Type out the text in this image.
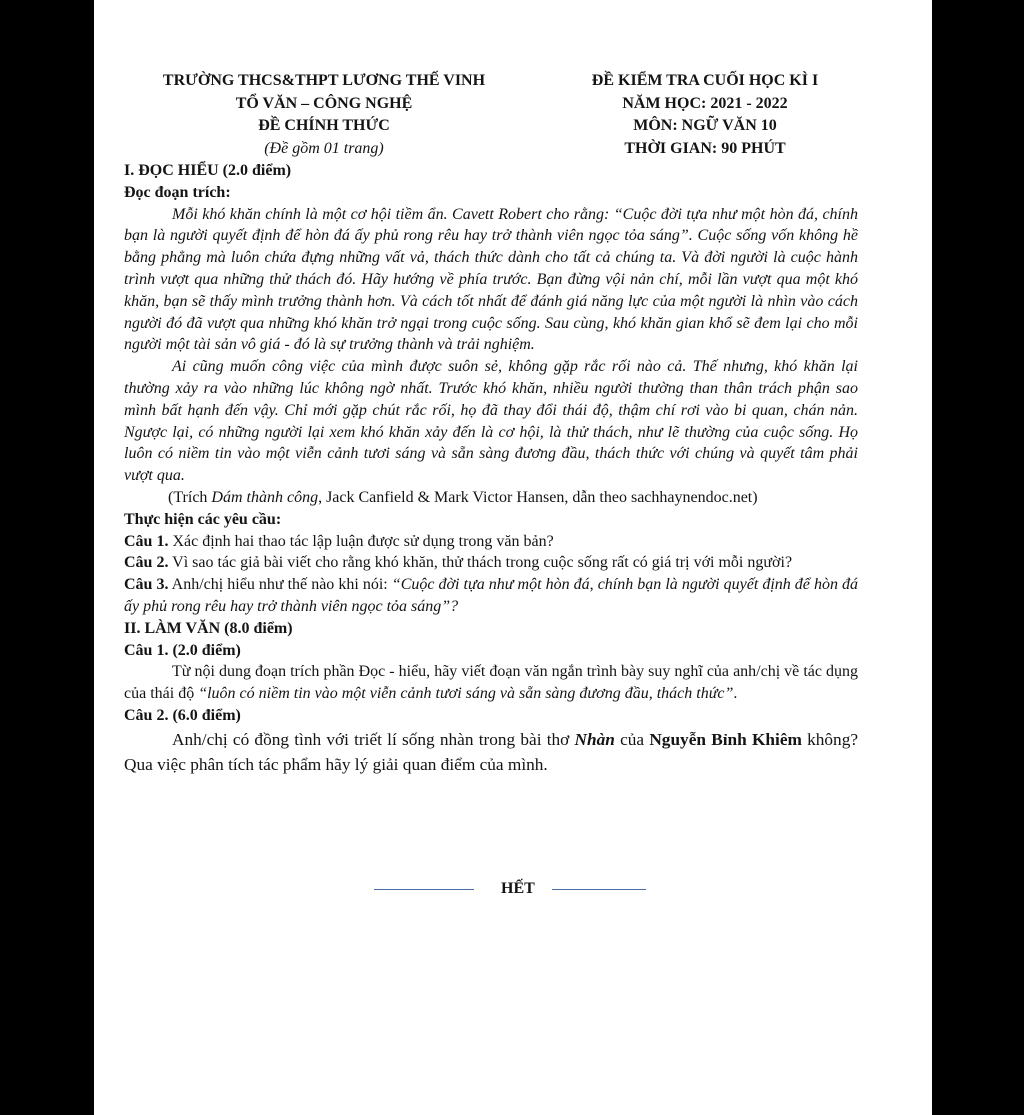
TRƯỜNG THCS&THPT LƯƠNG THẾ VINH
TỔ VĂN – CÔNG NGHỆ
ĐỀ CHÍNH THỨC
(Đề gồm 01 trang)
ĐỀ KIỂM TRA CUỐI HỌC KÌ I
NĂM HỌC: 2021 - 2022
MÔN: NGỮ VĂN 10
THỜI GIAN: 90 PHÚT
I. ĐỌC HIỂU (2.0 điểm)
Đọc đoạn trích:

Mỗi khó khăn chính là một cơ hội tiềm ẩn. Cavett Robert cho rằng: “Cuộc đời tựa như một hòn đá, chính bạn là người quyết định để hòn đá ấy phủ rong rêu hay trở thành viên ngọc tỏa sáng”. Cuộc sống vốn không hề bằng phẳng mà luôn chứa đựng những vất vả, thách thức dành cho tất cả chúng ta. Và đời người là cuộc hành trình vượt qua những thử thách đó. Hãy hướng về phía trước. Bạn đừng vội nản chí, mỗi lần vượt qua một khó khăn, bạn sẽ thấy mình trưởng thành hơn. Và cách tốt nhất để đánh giá năng lực của một người là nhìn vào cách người đó đã vượt qua những khó khăn trở ngại trong cuộc sống. Sau cùng, khó khăn gian khổ sẽ đem lại cho mỗi người một tài sản vô giá - đó là sự trưởng thành và trải nghiệm.

Ai cũng muốn công việc của mình được suôn sẻ, không gặp rắc rối nào cả. Thế nhưng, khó khăn lại thường xảy ra vào những lúc không ngờ nhất. Trước khó khăn, nhiều người thường than thân trách phận sao mình bất hạnh đến vậy. Chỉ mới gặp chút rắc rối, họ đã thay đổi thái độ, thậm chí rơi vào bi quan, chán nản. Ngược lại, có những người lại xem khó khăn xảy đến là cơ hội, là thử thách, như lẽ thường của cuộc sống. Họ luôn có niềm tin vào một viễn cảnh tươi sáng và sẵn sàng đương đầu, thách thức với chúng và quyết tâm phải vượt qua.

(Trích Dám thành công, Jack Canfield & Mark Victor Hansen, dẫn theo sachhaynendoc.net)
Thực hiện các yêu cầu:

Câu 1. Xác định hai thao tác lập luận được sử dụng trong văn bản?

Câu 2. Vì sao tác giả bài viết cho rằng khó khăn, thử thách trong cuộc sống rất có giá trị với mỗi người?

Câu 3. Anh/chị hiểu như thế nào khi nói: “Cuộc đời tựa như một hòn đá, chính bạn là người quyết định để hòn đá ấy phủ rong rêu hay trở thành viên ngọc tỏa sáng”?

II. LÀM VĂN (8.0 điểm)
Câu 1. (2.0 điểm)

Từ nội dung đoạn trích phần Đọc - hiểu, hãy viết đoạn văn ngắn trình bày suy nghĩ của anh/chị về tác dụng của thái độ “luôn có niềm tin vào một viễn cảnh tươi sáng và sẵn sàng đương đầu, thách thức”.

Câu 2. (6.0 điểm)

Anh/chị có đồng tình với triết lí sống nhàn trong bài thơ Nhàn của Nguyễn Bỉnh Khiêm không? Qua việc phân tích tác phẩm hãy lý giải quan điểm của mình.

HẾT
